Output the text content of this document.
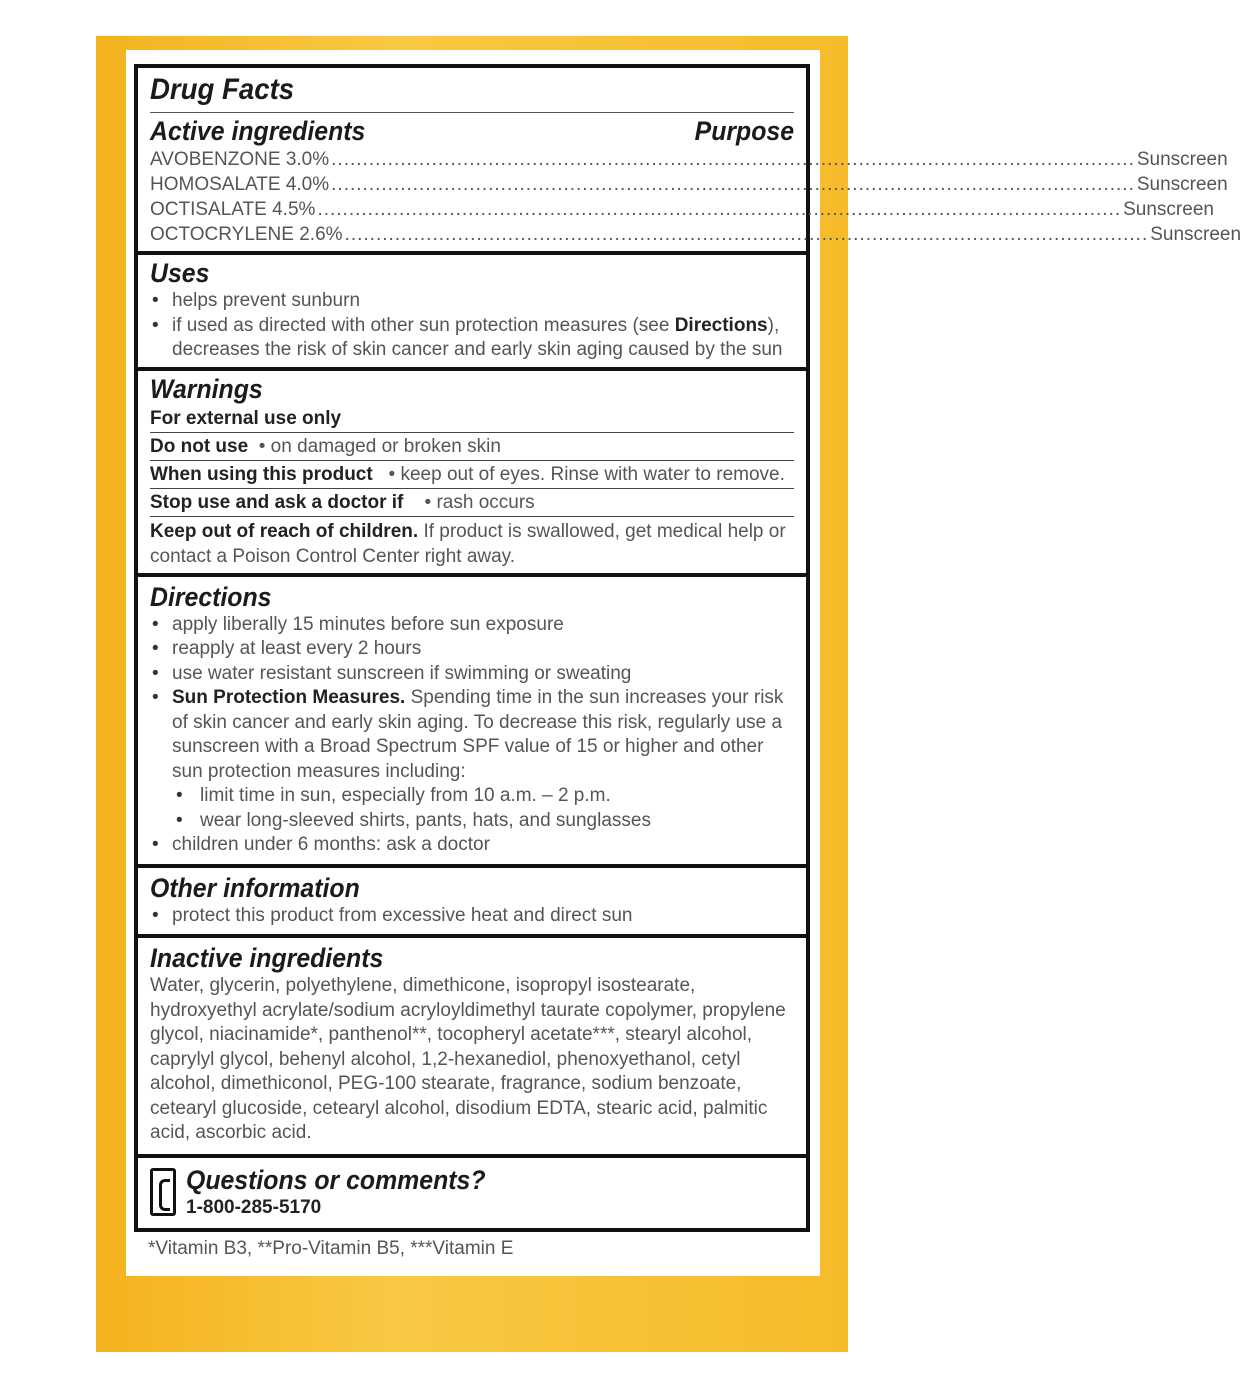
Drug Facts
Active ingredients	Purpose
AVOBENZONE 3.0% ................................................................................................................................ Sunscreen
HOMOSALATE 4.0% ................................................................................................................................ Sunscreen
OCTISALATE 4.5% ................................................................................................................................ Sunscreen
OCTOCRYLENE 2.6% ................................................................................................................................ Sunscreen
Uses
• helps prevent sunburn
• if used as directed with other sun protection measures (see Directions), decreases the risk of skin cancer and early skin aging caused by the sun
Warnings
For external use only
Do not use  • on damaged or broken skin
When using this product   • keep out of eyes. Rinse with water to remove.
Stop use and ask a doctor if    • rash occurs
Keep out of reach of children. If product is swallowed, get medical help or contact a Poison Control Center right away.
Directions
• apply liberally 15 minutes before sun exposure
• reapply at least every 2 hours
• use water resistant sunscreen if swimming or sweating
• Sun Protection Measures. Spending time in the sun increases your risk of skin cancer and early skin aging. To decrease this risk, regularly use a sunscreen with a Broad Spectrum SPF value of 15 or higher and other sun protection measures including:
• limit time in sun, especially from 10 a.m. – 2 p.m.
• wear long-sleeved shirts, pants, hats, and sunglasses
• children under 6 months: ask a doctor
Other information
• protect this product from excessive heat and direct sun
Inactive ingredients
Water, glycerin, polyethylene, dimethicone, isopropyl isostearate, hydroxyethyl acrylate/sodium acryloyldimethyl taurate copolymer, propylene glycol, niacinamide*, panthenol**, tocopheryl acetate***, stearyl alcohol, caprylyl glycol, behenyl alcohol, 1,2-hexanediol, phenoxyethanol, cetyl alcohol, dimethiconol, PEG-100 stearate, fragrance, sodium benzoate, cetearyl glucoside, cetearyl alcohol, disodium EDTA, stearic acid, palmitic acid, ascorbic acid.
Questions or comments?
1-800-285-5170
*Vitamin B3, **Pro-Vitamin B5, ***Vitamin E
